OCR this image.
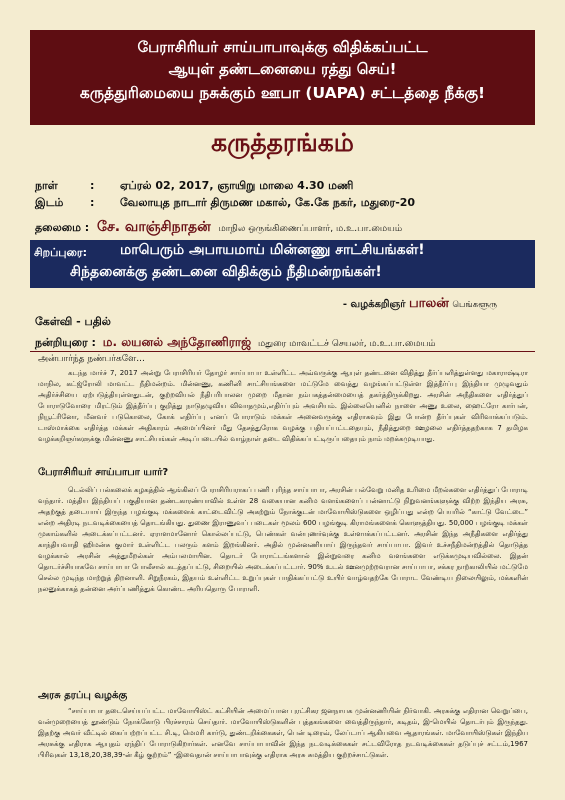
பேராசிரியர் சாய்பாபாவுக்கு விதிக்கப்பட்ட
ஆயுள் தண்டனையை ரத்து செய்!
கருத்துரிமையை நசுக்கும் ஊபா (UAPA) சட்டத்தை நீக்கு!
கருத்தரங்கம்
நாள்	: ஏப்ரல் 02, 2017, ஞாயிறு மாலை 4.30 மணி
இடம் : வேலாயுத நாடார் திருமண மகால், கே.கே நகர், மதுரை-20
தலைமை : சே. வாஞ்சிநாதன் மாநில ஒருங்கிணைப்பாளர், ம.உ.பா.மையம்
சிறப்புரை: மாபெரும் அபாயமாய் மின்னணு சாட்சியங்கள்!
சிந்தனைக்கு தண்டனை விதிக்கும் நீதிமன்றங்கள்!
- வழக்கறிஞர் பாலன் பெங்களூரு
கேள்வி - பதில்
நன்றியுரை : ம. லயனல் அந்தோணிராஜ் மதுரை மாவட்டச் செயலர், ம.உ.பா.மையம்
அன்பார்ந்த நண்பர்களே...

கடந்த மார்ச் 7, 2017 அன்று பேராசிரியர் தோழர் சாய்பாபா உள்ளிட்ட அவ்வருக்கு ஆயுள் தண்டனை விதித்து தீர்ப்பளித்துள்ளது மகாராஷ்டிரா மாநில, கட்ஜ்ரோலி மாவட்ட நீதிமன்றம். மின்னணு, கணினி சாட்சியங்களை மட்டுமே வைத்து வழங்கப்பட்டுள்ள இத்தீர்ப்பு இந்தியா முழுவதும் அதிர்ச்சியை ஏற்படுத்தியுள்ளதுடன், குற்றவியல் நீதிபரிபாலன முறை மீதான நம்பகத்தன்மையைத் தகர்த்திருக்கிறது. அரசின் அநீதிகளை எதிர்த்துப் போராடுவோரை மிரட்டும் இத்தீர்ப்பு குறித்து நாடுதழுவிய விவாதமும்,எதிர்ப்பும் அவசியம். இல்லையெனில் நாளை அணு உலை, ஹைட்ரோ கார்பன், நியூட்ரினோ, மீனவர் படுகொலை, கோக் எதிர்ப்பு எனப் போராடும் மக்கள் அனைவருக்கு எதிராகவும் இது போன்ற தீர்ப்புகள் விரிவாக்கப்படும். டாஸ்மாக்கை எதிர்த்த மக்கள் அதிகாரம் அமைப்பினர் மீது தேசத்துரோக வழக்கு பதியப்பட்டதையும், நீதித்துறை ஊழலை எதிர்த்ததற்காக 7 தமிழக வழக்கறிஞர்களுக்கு மின்னணு சாட்சியங்கள் அடிப்படையில் வாழ்நாள் தடை விதிக்கப்பட்டிருப்பதையும் நாம் மறக்கமுடியாது.

பேராசிரியர் சாய்பாபா யார்?

டெல்லிப் பல்கலைக் கழகத்தில் ஆங்கிலப் பேராசிரியராகப் பணி புரிந்த சாய்பாபா, அரசின் பல்வேறு மனித உரிமை மீறல்களை எதிர்த்துப் போராடி வந்தார். மத்திய இந்தியப் பகுதியான தண்டகாரண்யாவில் உள்ள 28 வகையான கனிம வளங்களைப் பன்னாட்டு நிறுவனங்களுக்கு விற்ற இந்திய அரசு, அதற்குத் தடையாய் இருந்த பழங்குடி மக்களைக் காட்டைவிட்டு அகற்றும் நோக்குடன் மாவோயிஸ்டுகளை ஒழிப்பது என்ற பெயரில் “காட்டு வேட்டை” என்ற அதிரடி நடவடிக்கையைத் தொடங்கியது. துணை இராணுவப் படைகள் மூலம் 600 பழங்குடி கிராமங்களைக் கொளுத்தியது. 50,000 பழங்குடி மக்கள் முகாம்களில் அடைக்கப்பட்டனர். ஏராளமானோர் கொல்லப்பட்டு, பெண்கள் வன்புணர்வுக்கு உள்ளாக்கப்பட்டனர். அரசின் இந்த அநீதிகளை எதிர்த்து காந்தியவாதி ஹிமன்சு குமார் உள்ளிட்ட பலரும் களம் இறங்கினர். அதில் முன்னணியாய் இருந்தவர் சாய்பாபா. இவர் உச்சநீதிமன்றத்தில் தொடுத்த வழக்கால் அரசின் அத்துமீறல்கள் அம்பலமாயின. தொடர் போராட்டங்களால் இன்றுவரை கனிம வளங்களை எடுக்கமுடியவில்லை. இதன் தொடர்ச்சியாகவே சாய்பாபா போலீசால் கடத்தப்பட்டு, சிறையில் அடைக்கப்பட்டார். 90% உடல் ஊனமுற்றவரான சாய்பாபா, சக்கர நாற்காலியில் மட்டுமே செல்ல முடிந்த மாற்றுத் திறனாளி. சிறுநீரகம், இதயம் உள்ளிட்ட உறுப்புகள் பாதிக்கப்பட்டு உயிர் வாழ்வதற்கே போராட வேண்டிய நிலையிலும், மக்களின் நலனுக்காகத் தன்னை அர்ப்பணித்துக் கொண்ட அரியதொரு போராளி.

அரசு தரப்பு வழக்கு

“சாய்பாபா தடைசெய்யப்பட்ட மாவோயிஸ்ட் கட்சியின் அமைப்பான புரட்சிகர ஜனநாயக முன்னணியின் நிர்வாகி. அரசுக்கு எதிரான வெறுப்பை, வன்முறையைத் தூண்டும் நோக்கோடு பிரச்சாரம் செய்தார். மாவோயிஸ்டுகளின் புத்தகங்களை வைத்திருந்தார், கடிதம், இ-மெயில் தொடர்பும் இருந்தது. இதற்கு அவர் வீட்டில் கைப்பற்றப்பட்ட சி.டி, மெமரி கார்டு, துண்டறிக்கைகள், பென் டிரைவ், லேப்டாப் ஆகியவை ஆதாரங்கள். மாவோயிஸ்டுகள் இந்திய அரசுக்கு எதிராக ஆயுதம் ஏந்திப் போராடுகிறார்கள். எனவே சாய்பாபாவின் இந்த நடவடிக்கைகள் சட்டவிரோத நடவடிக்கைகள் தடுப்புச் சட்டம்,1967 பிரிவுகள் 13,18,20,38,39-ன் கீழ் குற்றம்” -இவைதான் சாய்பாபாவுக்கு எதிராக அரசு சுமத்திய குற்றச்சாட்டுகள்.
